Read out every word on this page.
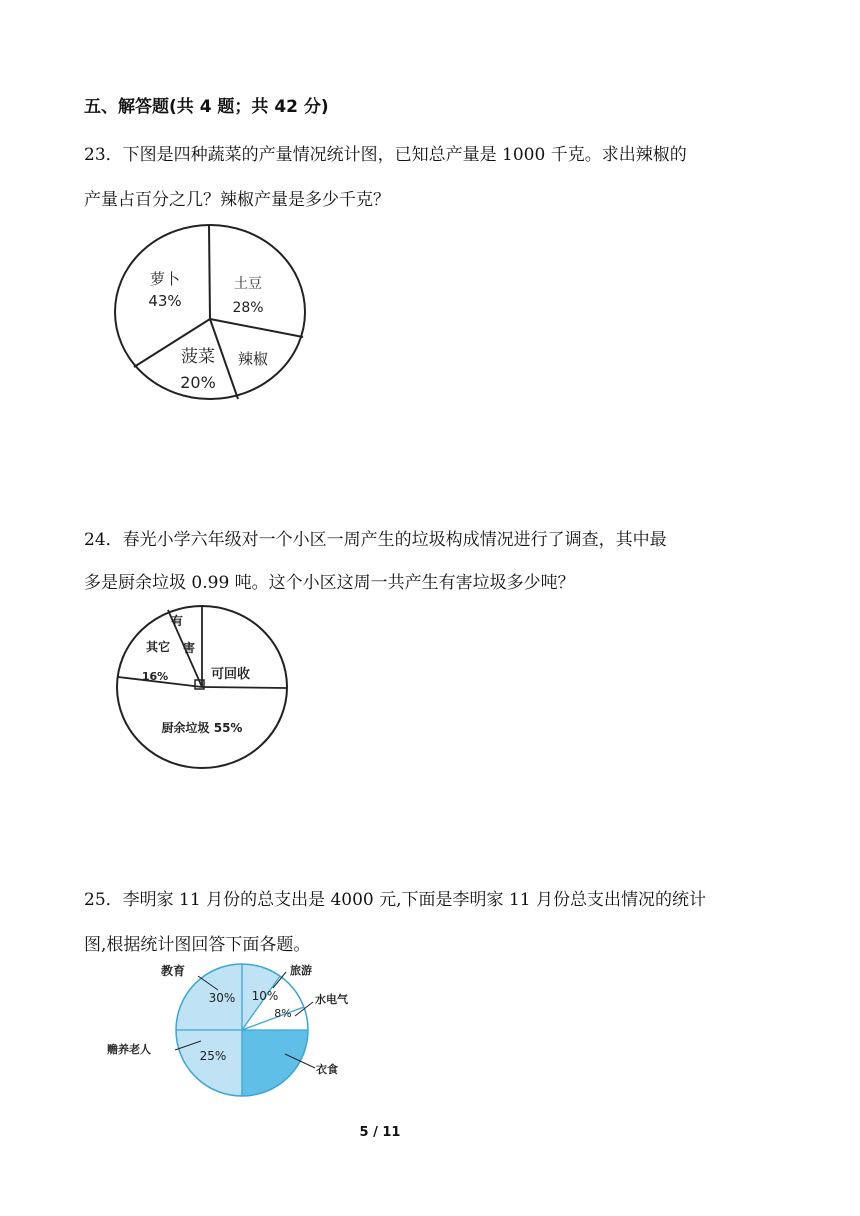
五、解答题(共 4 题；共 42 分)
23．下图是四种蔬菜的产量情况统计图，已知总产量是 1000 千克。求出辣椒的
产量占百分之几？辣椒产量是多少千克？
萝卜
43%
土豆
28%
辣椒
菠菜
20%
24．春光小学六年级对一个小区一周产生的垃圾构成情况进行了调查，其中最
多是厨余垃圾 0.99 吨。这个小区这周一共产生有害垃圾多少吨？
有
害
可回收
其它
16%
厨余垃圾 55%
25．李明家 11 月份的总支出是 4000 元,下面是李明家 11 月份总支出情况的统计
图,根据统计图回答下面各题。
教育
30%
旅游
10%	水电气
8%
衣食
赡养老人	25%
5 / 11
